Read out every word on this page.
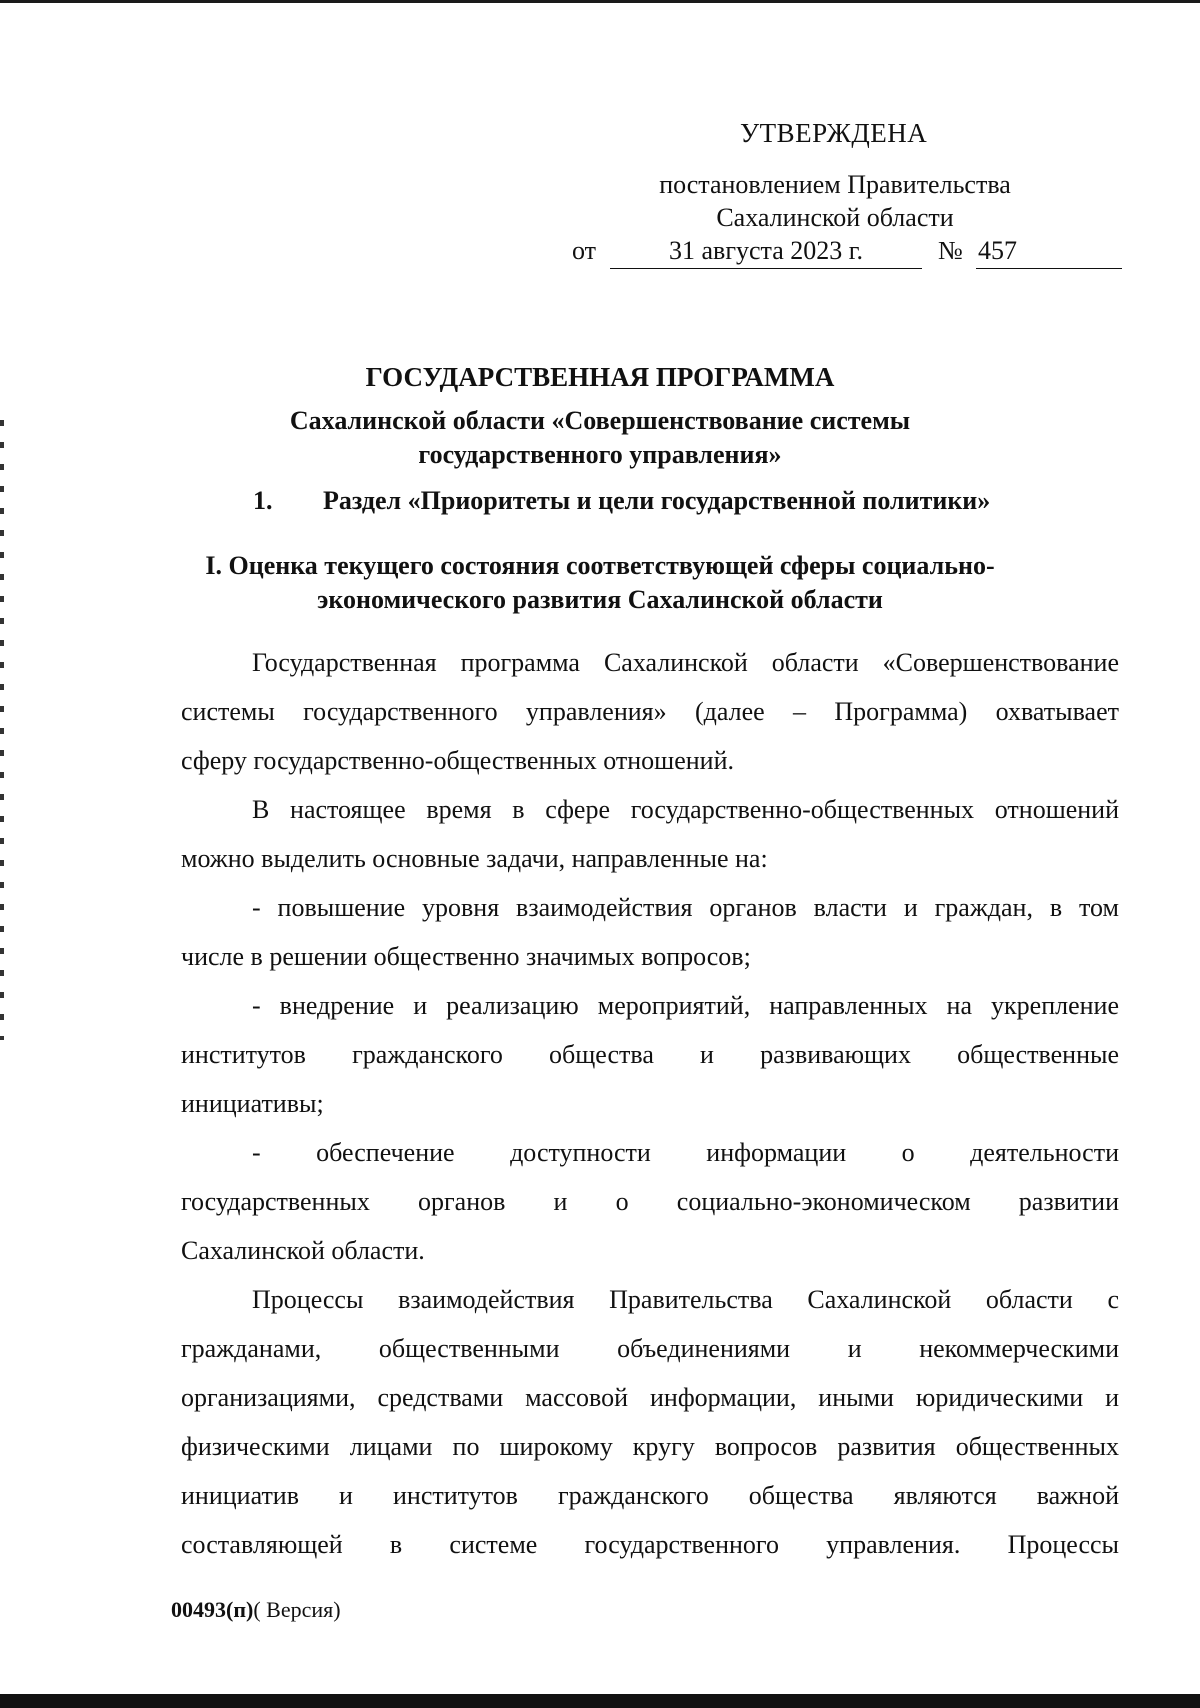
УТВЕРЖДЕНА
постановлением Правительства
Сахалинской области
от	31 августа 2023 г.	№ 457
ГОСУДАРСТВЕННАЯ ПРОГРАММА
Сахалинской области «Совершенствование системы
государственного управления»
1. Раздел «Приоритеты и цели государственной политики»
I. Оценка текущего состояния соответствующей сферы социально-
экономического развития Сахалинской области
Государственная программа Сахалинской области «Совершенствование
системы государственного управления» (далее – Программа) охватывает
сферу государственно-общественных отношений.
В настоящее время в сфере государственно-общественных отношений
можно выделить основные задачи, направленные на:
- повышение уровня взаимодействия органов власти и граждан, в том
числе в решении общественно значимых вопросов;
- внедрение и реализацию мероприятий, направленных на укрепление
институтов гражданского общества и развивающих общественные
инициативы;
- обеспечение доступности информации о деятельности
государственных органов и о социально-экономическом развитии
Сахалинской области.
Процессы взаимодействия Правительства Сахалинской области с
гражданами, общественными объединениями и некоммерческими
организациями, средствами массовой информации, иными юридическими и
физическими лицами по широкому кругу вопросов развития общественных
инициатив и институтов гражданского общества являются важной
составляющей в системе государственного управления. Процессы
00493(п)( Версия)
